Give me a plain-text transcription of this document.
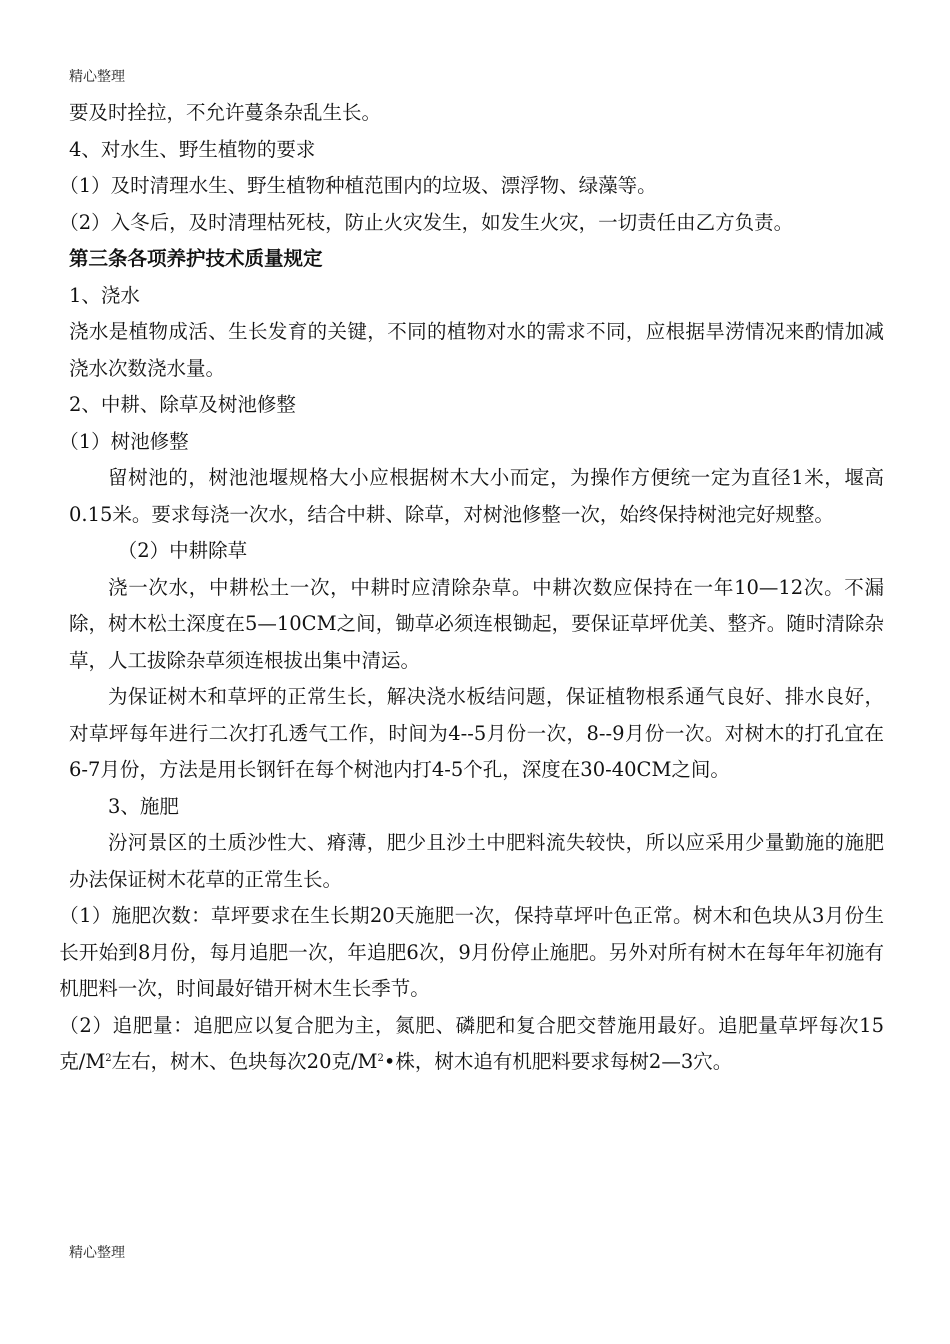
精心整理

要及时拴拉，不允许蔓条杂乱生长。

4、对水生、野生植物的要求

（1）及时清理水生、野生植物种植范围内的垃圾、漂浮物、绿藻等。

（2）入冬后，及时清理枯死枝，防止火灾发生，如发生火灾，一切责任由乙方负责。

第三条各项养护技术质量规定

1、浇水

浇水是植物成活、生长发育的关键，不同的植物对水的需求不同，应根据旱涝情况来酌情加减浇水次数浇水量。

2、中耕、除草及树池修整

（1）树池修整

留树池的，树池池堰规格大小应根据树木大小而定，为操作方便统一定为直径1米，堰高0.15米。要求每浇一次水，结合中耕、除草，对树池修整一次，始终保持树池完好规整。

（2）中耕除草

浇一次水，中耕松土一次，中耕时应清除杂草。中耕次数应保持在一年10—12次。不漏除，树木松土深度在5—10CM之间，锄草必须连根锄起，要保证草坪优美、整齐。随时清除杂草，人工拔除杂草须连根拔出集中清运。

为保证树木和草坪的正常生长，解决浇水板结问题，保证植物根系通气良好、排水良好，对草坪每年进行二次打孔透气工作，时间为4--5月份一次，8--9月份一次。对树木的打孔宜在6-7月份，方法是用长钢钎在每个树池内打4-5个孔，深度在30-40CM之间。

3、施肥

汾河景区的土质沙性大、瘠薄，肥少且沙土中肥料流失较快，所以应采用少量勤施的施肥办法保证树木花草的正常生长。

（1）施肥次数：草坪要求在生长期20天施肥一次，保持草坪叶色正常。树木和色块从3月份生长开始到8月份，每月追肥一次，年追肥6次，9月份停止施肥。另外对所有树木在每年年初施有机肥料一次，时间最好错开树木生长季节。

（2）追肥量：追肥应以复合肥为主，氮肥、磷肥和复合肥交替施用最好。追肥量草坪每次15克$/M^2$左右，树木、色块每次20克$/M^2•$株，树木追有机肥料要求每树2—3穴。

精心整理
